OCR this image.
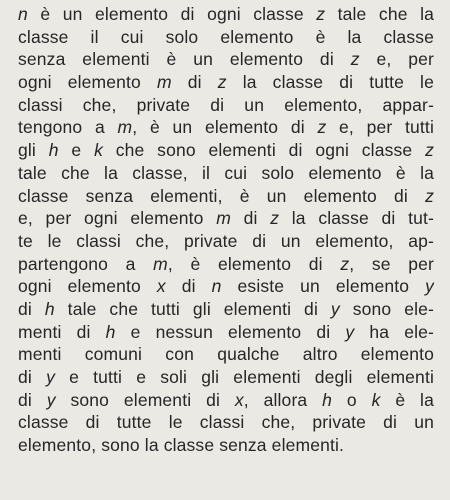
n è un elemento di ogni classe z tale che la
classe il cui solo elemento è la classe
senza elementi è un elemento di z e, per
ogni elemento m di z la classe di tutte le
classi che, private di un elemento, appar-
tengono a m, è un elemento di z e, per tutti
gli h e k che sono elementi di ogni classe z
tale che la classe, il cui solo elemento è la
classe senza elementi, è un elemento di z
e, per ogni elemento m di z la classe di tut-
te le classi che, private di un elemento, ap-
partengono a m, è elemento di z, se per
ogni elemento x di n esiste un elemento y
di h tale che tutti gli elementi di y sono ele-
menti di h e nessun elemento di y ha ele-
menti comuni con qualche altro elemento
di y e tutti e soli gli elementi degli elementi
di y sono elementi di x, allora h o k è la
classe di tutte le classi che, private di un
elemento, sono la classe senza elementi.
